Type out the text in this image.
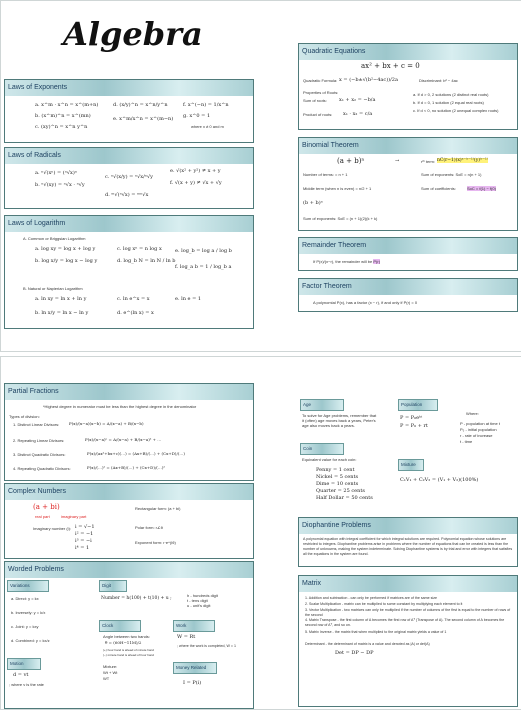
Algebra
Laws of Exponents
a. x^m · x^n = x^(m+n)
b. (x^m)^n = x^(mn)
c. (xy)^n = x^n y^n
d. (x/y)^n = x^n/y^n
e. x^m/x^n = x^(m−n)
f. x^(−n) = 1/x^n
g. x^0 = 1
where x ≠ 0 and m
Laws of Radicals
a. ⁿ√(xⁿ) = (ⁿ√x)ⁿ
b. ⁿ√(xy) = ⁿ√x · ⁿ√y
c. ⁿ√(x/y) = ⁿ√x/ⁿ√y
d. ᵐ√(ⁿ√x) = ᵐⁿ√x
e. √(x² + y²) ≠ x + y
f. √(x + y) ≠ √x + √y
Laws of Logarithm
A. Common or Briggsian Logarithm
a. log xy = log x + log y
b. log x/y = log x − log y
c. log xⁿ = n log x
d. log_b N = ln N / ln b
e. log_b = log a / log b
f. log_a b = 1 / log_b a
B. Natural or Napierian Logarithm
a. ln xy = ln x + ln y
b. ln x/y = ln x − ln y
c. ln e^x = x
d. e^(ln x) = x
e. ln e = 1
Quadratic Equations
ax² + bx + c = 0
Quadratic Formula: x = (−b±√(b²−4ac))/2a
Properties of Roots:
Sum of roots: x₁ + x₂ = −b/a
Product of roots: x₁ · x₂ = c/a
Discriminant: b² − 4ac
a. If d > 0, 2 solutions (2 distinct real roots)
b. If d = 0, 1 solution (2 equal real roots)
c. If d < 0, no solution (2 unequal complex roots)
Binomial Theorem
(a + b)ⁿ	→	rᵗʰ term: nC(r−1)(x)ⁿ⁻⁽ʳ⁻¹⁾(y)⁽ʳ⁻¹⁾
Number of terms: = n + 1	Sum of exponents: SoE = n(n + 1)
Middle term (when n is even) = n/2 + 1	Sum of coefficients:	SoC = f(1) − f(0)
(b + b)ⁿ
Sum of exponents: SoE = (n + 1)(2)(k + k)
Remainder Theorem
If P(x)/(x−r), the remainder will be P(r)
Factor Theorem
A polynomial P(x), has a factor (x − r), if and only if P(r) = 0
Partial Fractions
*Highest degree in numerator must be less than the highest degree in the denominator
Types of division:
1. Distinct Linear Divisors: P(x)/(x−a)(x−b) = A/(x−a) + B/(x−b)
2. Repeating Linear Divisors:	P(x)/(x−a)ⁿ = A/(x−a) + B/(x−a)² + …
3. Distinct Quadratic Divisors:	P(x)/(ax²+bx+c)(…) = (Ax+B)/(…) + (Cx+D)/(…)
4. Repeating Quadratic Divisors:	P(x)/(…)² = (Ax+B)/(…) + (Cx+D)/(…)²
Complex Numbers
(a + bi)
real part	imaginary part
Imaginary number (i): i = √−1
i² = −1
i³ = −i
i⁴ = 1
Rectangular form: (a + bi)
Polar form: r∠θ
Exponent form: r·e^(iθ)
Worded Problems
Variations
a. Direct: y = kx
b. Inversely: y = k/x
c. Joint: y = kxy
d. Combined: y = kx/z
Motion
d = vt
; where v is the rate
Digit
Number = h(100) + t(10) + u ;
h - hundreds digit
t - tens digit
u - unit's digit
Clock
Angle between two hands:
θ = (60H−11M)/2
(+) hour hand is ahead of minute hand
(−) minute hand is ahead of hour hand
Mixture:
Wt + Wt
WT
Work
W = Rt
; where the work is completed, W = 1
Money Related
I = P(i)
Age
To solve for Age problems, remember that
it (often) age moves back a years, Peter's
age also moves back a years.
Population
P = P₀eᵏᵗ
P = P₀ + rt
Where:
P - population at time t
P₀ - initial population
r - rate of increase
t - time
Coin
Equivalent value for each coin:
Penny = 1 cent
Nickel = 5 cents
Dime = 10 cents
Quarter = 25 cents
Half Dollar = 50 cents
Mixture
C₁V₁ + C₂V₂ = (V₁ + V₂)(100%)
Diophantine Problems
A polynomial equation with integral coefficient for which integral solutions are required. Polynomial equation whose solutions are restricted to integers. Diophantine problems arise in problems where the number of equations that can be created is less than the number of unknowns, making the system indeterminate. Solving Diophantine systems is by trial and error with integers that satisfies all the equations in the system are found.
Matrix
1. Addition and subtraction - can only be performed if matrices are of the same size
2. Scalar Multiplication - matrix can be multiplied to some constant by multiplying each element to it
3. Vector Multiplication - two matrices can only be multiplied if the number of columns of the first is equal to the number of rows of the second
4. Matrix Transpose - the first column of A becomes the first row of Aᵀ (Transpose of A). The second column of A becomes the second row of Aᵀ, and so on.
5. Matrix Inverse - the matrix that when multiplied to the original matrix yields a value of 1
Determinant - the determinant of matrix is a value and denoted as |A| or det(A)
Det = DP − DP
